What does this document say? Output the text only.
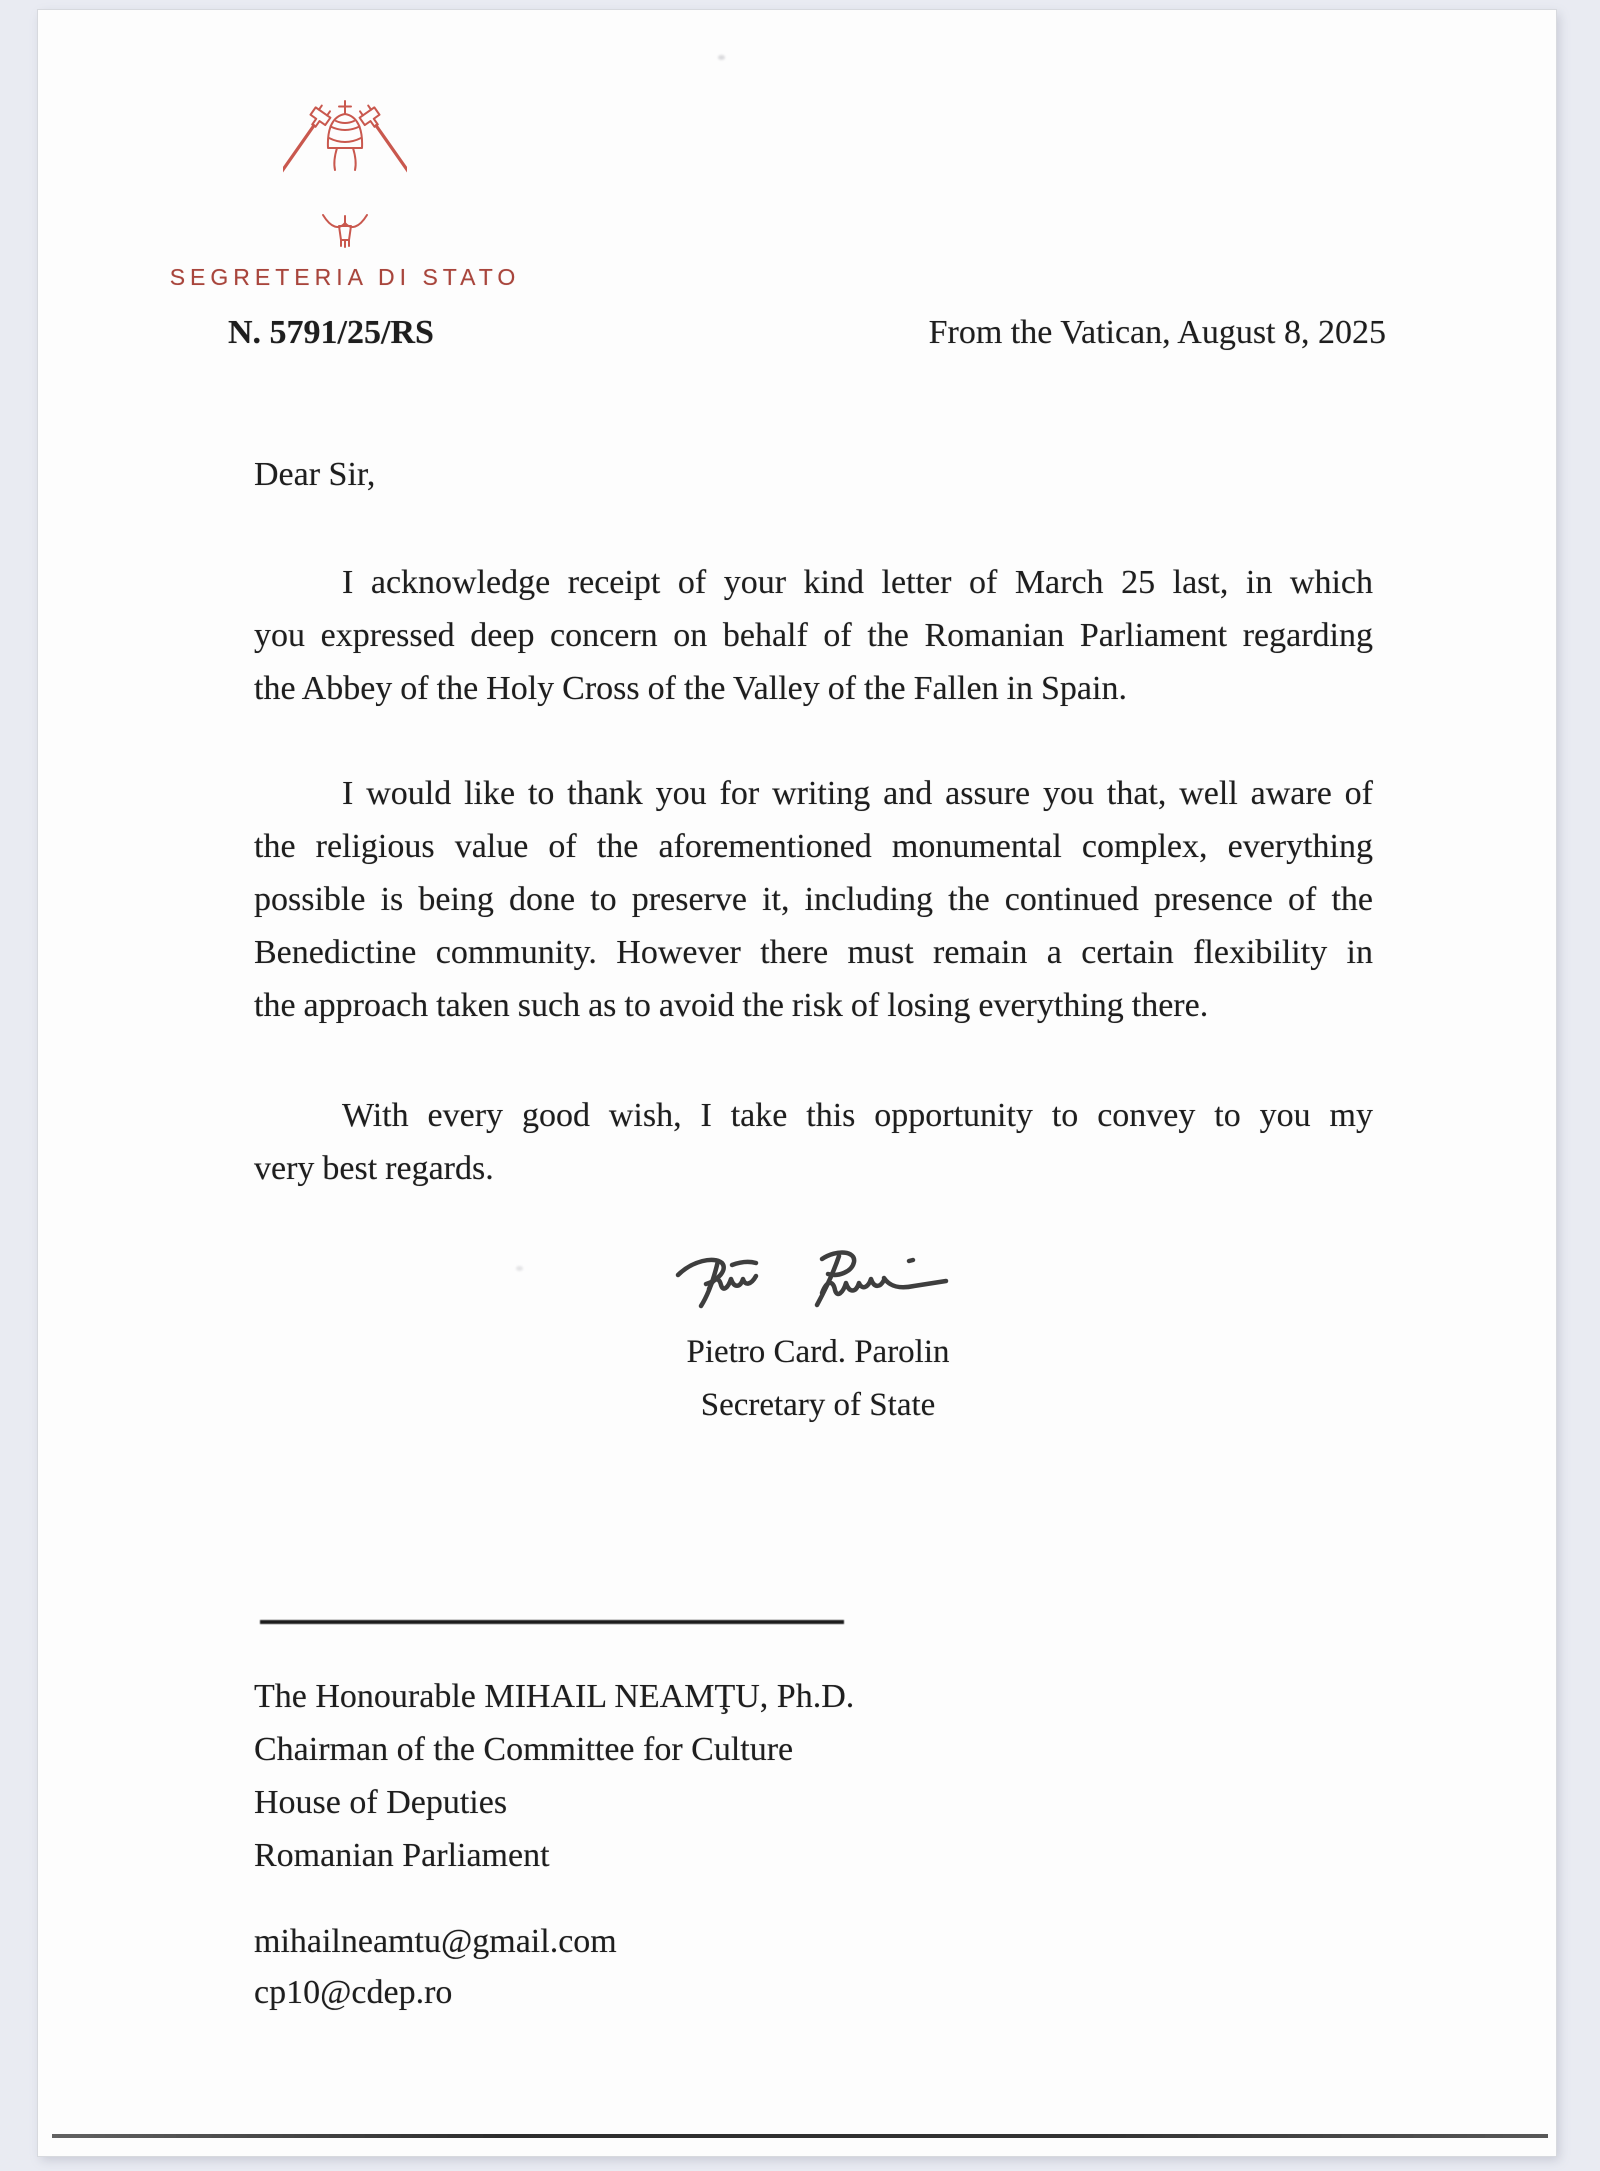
SEGRETERIA DI STATO
N. 5791/25/RS	From the Vatican, August 8, 2025
Dear Sir,
I acknowledge receipt of your kind letter of March 25 last, in which
you expressed deep concern on behalf of the Romanian Parliament regarding
the Abbey of the Holy Cross of the Valley of the Fallen in Spain.
I would like to thank you for writing and assure you that, well aware of
the religious value of the aforementioned monumental complex, everything
possible is being done to preserve it, including the continued presence of the
Benedictine community. However there must remain a certain flexibility in
the approach taken such as to avoid the risk of losing everything there.
With every good wish, I take this opportunity to convey to you my
very best regards.
Pietro Card. Parolin
Secretary of State
The Honourable MIHAIL NEAMŢU, Ph.D.
Chairman of the Committee for Culture
House of Deputies
Romanian Parliament
mihailneamtu@gmail.com
cp10@cdep.ro
